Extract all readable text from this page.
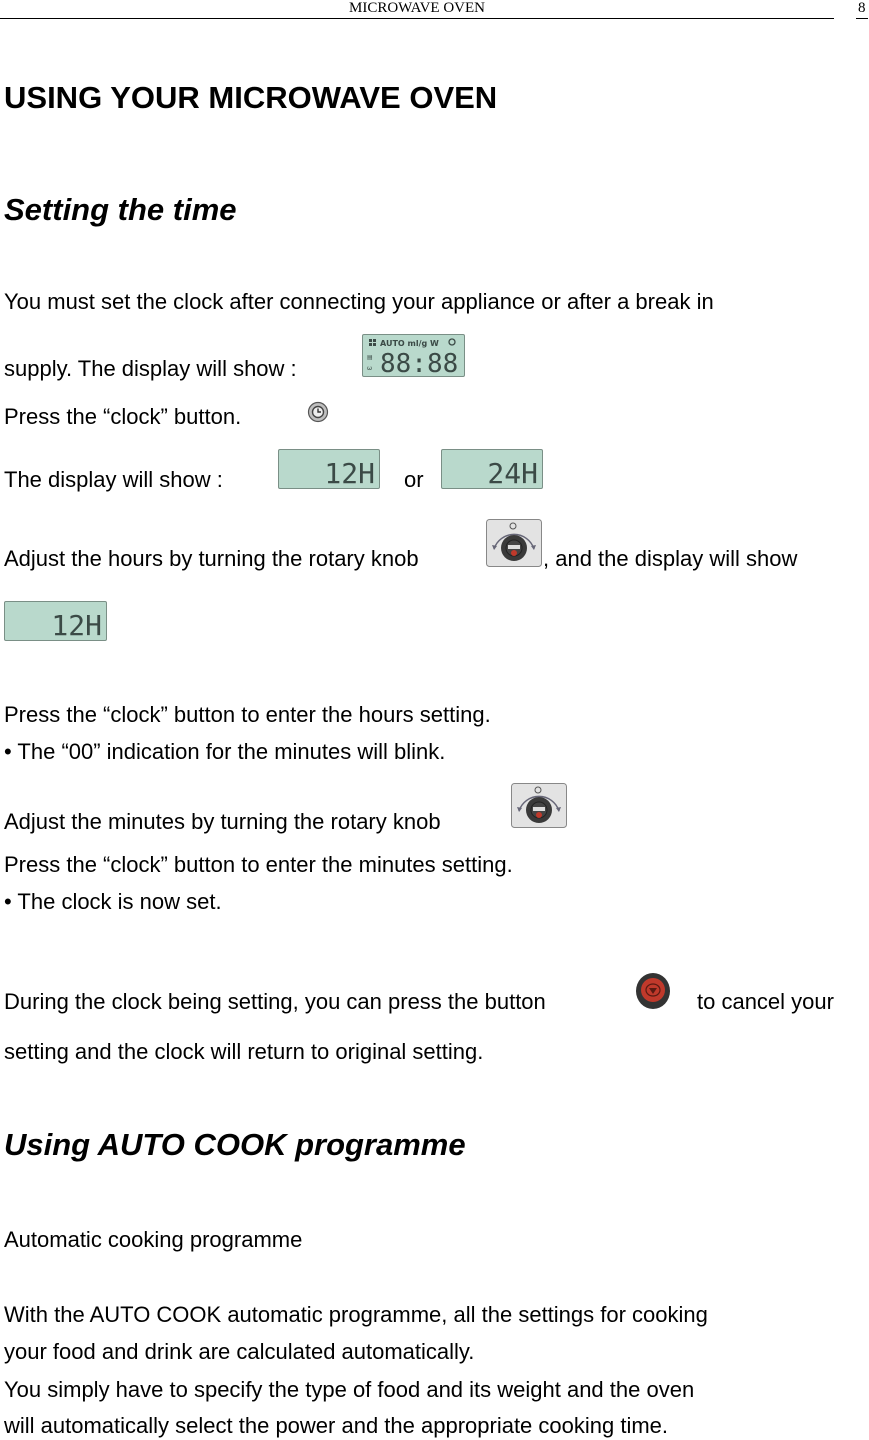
MICROWAVE OVEN	8
USING YOUR MICROWAVE OVEN
Setting the time
You must set the clock after connecting your appliance or after a break in
supply. The display will show :
AUTO ml/g W
▤
ω 88:88
Press the “clock” button.
The display will show :	12H or 24H
Adjust the hours by turning the rotary knob	, and the display will show
12H
Press the “clock” button to enter the hours setting.
• The “00” indication for the minutes will blink.
Adjust the minutes by turning the rotary knob
Press the “clock” button to enter the minutes setting.
• The clock is now set.
During the clock being setting, you can press the button	to cancel your
setting and the clock will return to original setting.
Using AUTO COOK programme
Automatic cooking programme
With the AUTO COOK automatic programme, all the settings for cooking
your food and drink are calculated automatically.
You simply have to specify the type of food and its weight and the oven
will automatically select the power and the appropriate cooking time.
